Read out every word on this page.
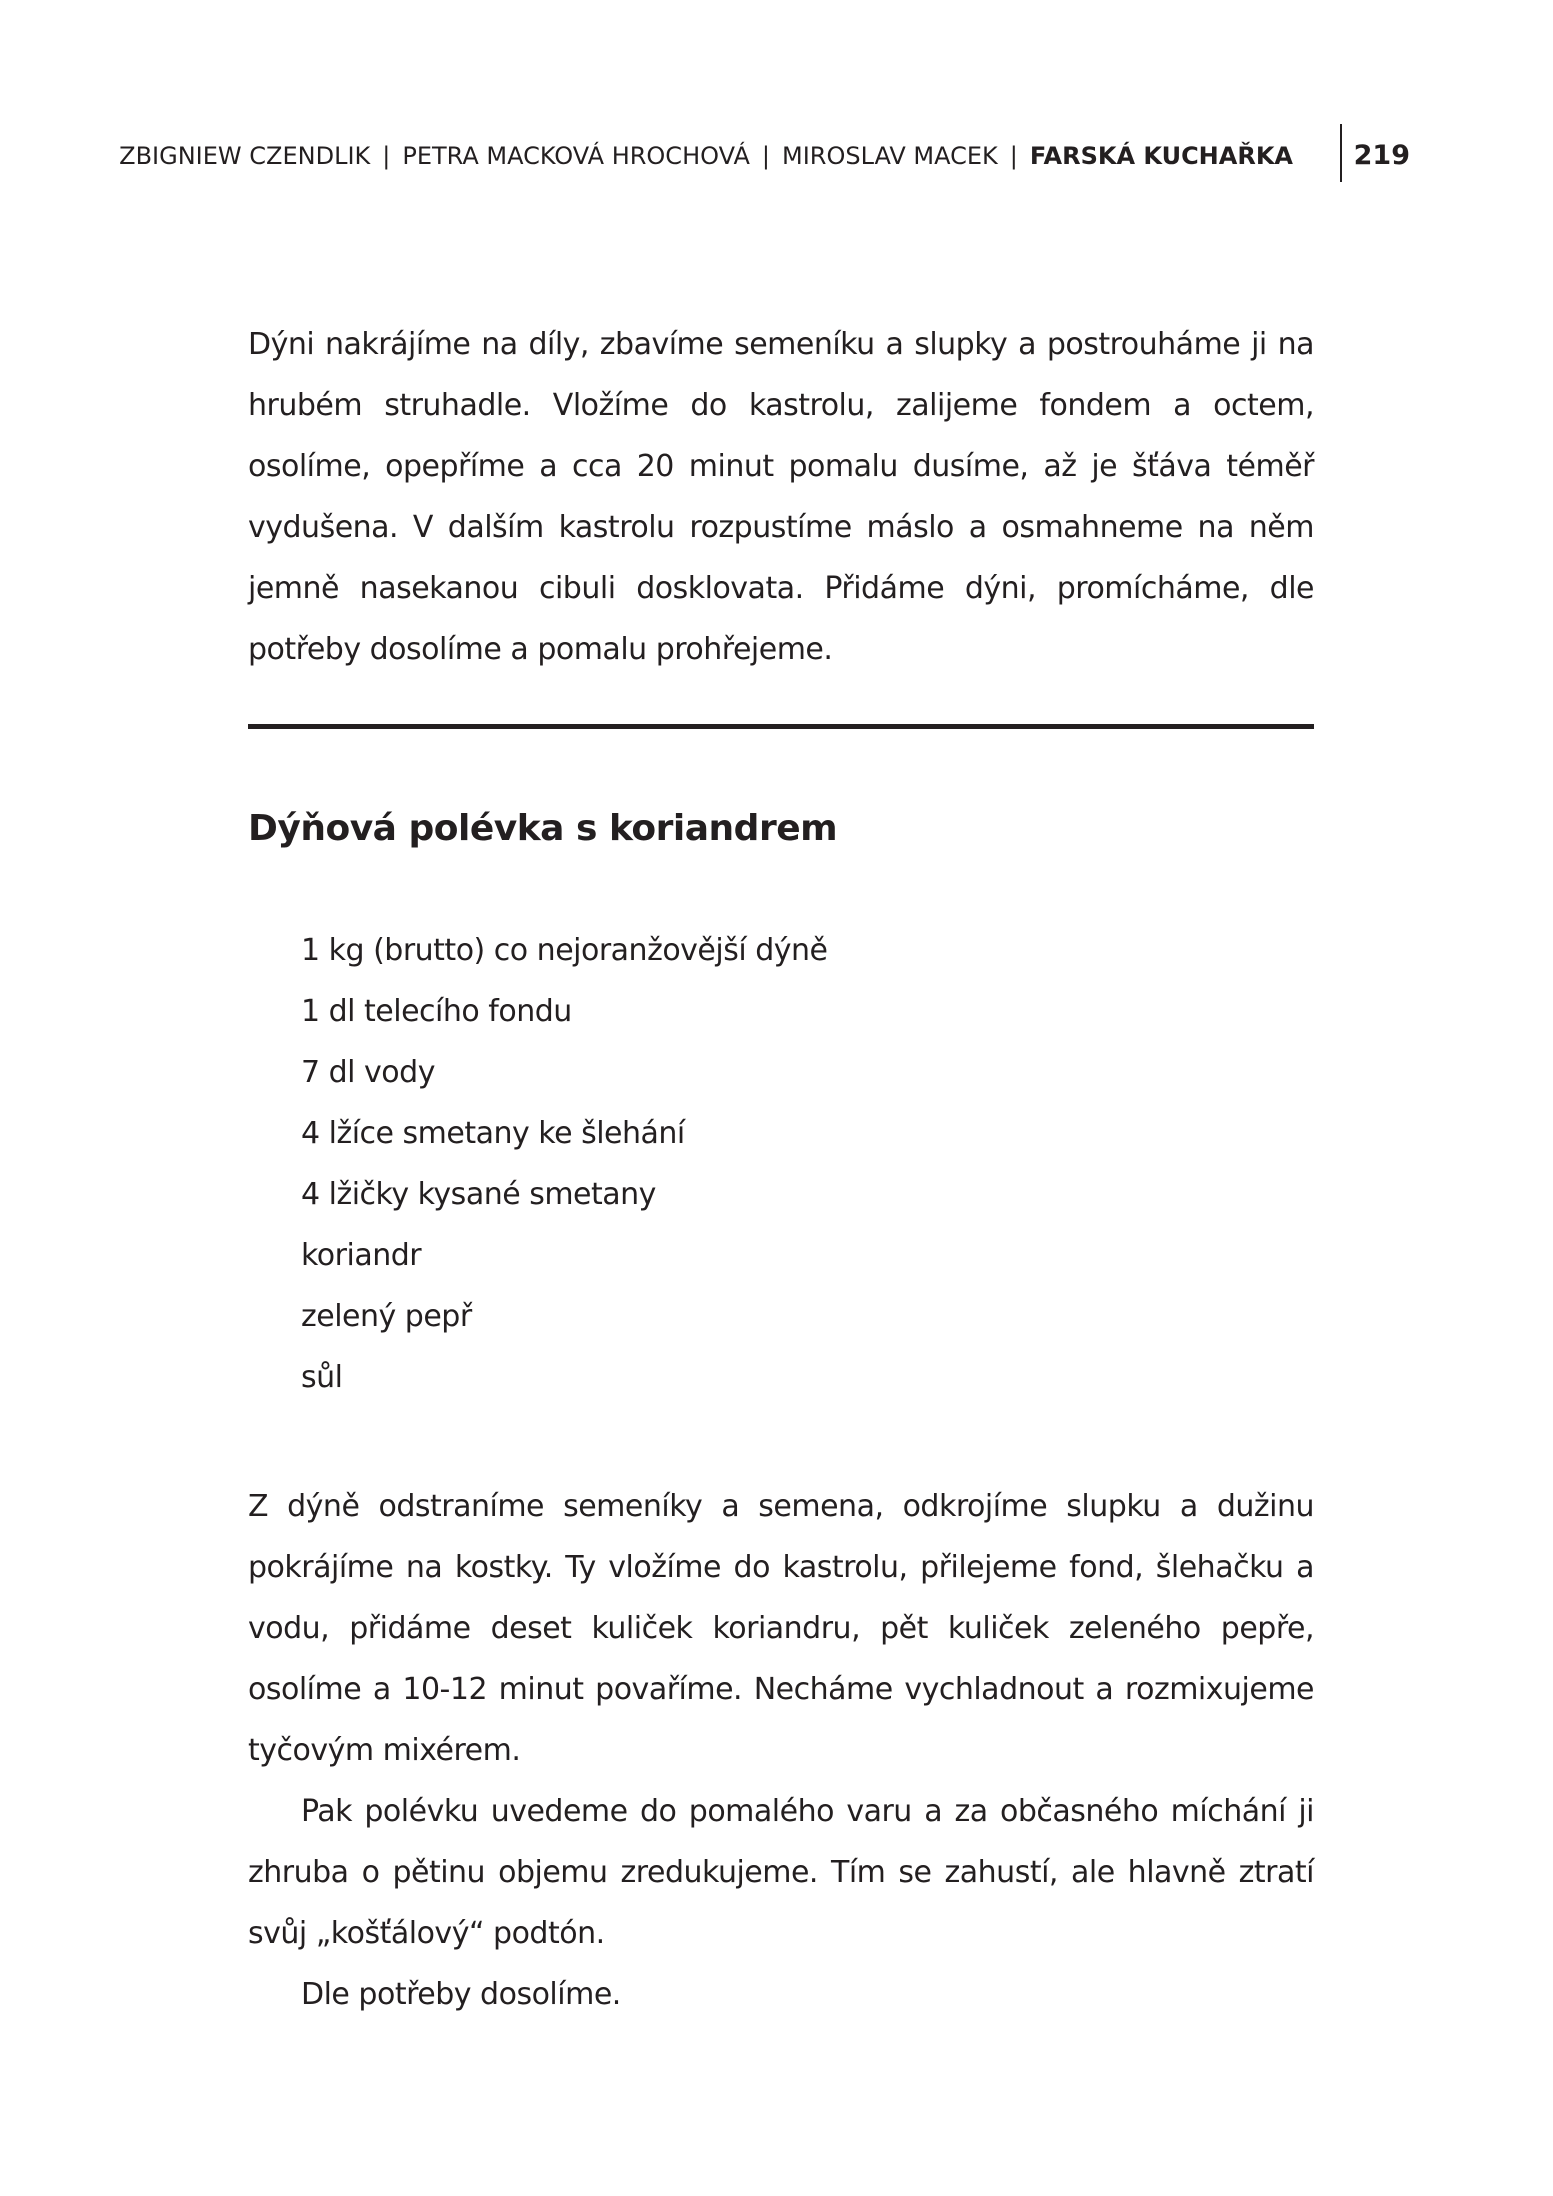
ZBIGNIEW CZENDLIK | PETRA MACKOVÁ HROCHOVÁ | MIROSLAV MACEK | FARSKÁ KUCHAŘKA 219

Dýni nakrájíme na díly, zbavíme semeníku a slupky a postrouháme ji na hrubém struhadle. Vložíme do kastrolu, zalijeme fondem a octem, osolíme, opepříme a cca 20 minut pomalu dusíme, až je šťáva téměř vydušena. V dalším kastrolu rozpustíme máslo a osmahneme na něm jemně nasekanou cibuli dosklovata. Přidáme dýni, promícháme, dle potřeby dosolíme a pomalu prohřejeme.

Dýňová polévka s koriandrem
1 kg (brutto) co nejoranžovější dýně
1 dl telecího fondu
7 dl vody
4 lžíce smetany ke šlehání
4 lžičky kysané smetany
koriandr
zelený pepř
sůl

Z dýně odstraníme semeníky a semena, odkrojíme slupku a dužinu pokrájíme na kostky. Ty vložíme do kastrolu, přilejeme fond, šlehačku a vodu, přidáme deset kuliček koriandru, pět kuliček zeleného pepře, osolíme a 10-12 minut povaříme. Necháme vychladnout a rozmixujeme tyčovým mixérem.

Pak polévku uvedeme do pomalého varu a za občasného míchání ji zhruba o pětinu objemu zredukujeme. Tím se zahustí, ale hlavně ztratí svůj „košťálový“ podtón.

Dle potřeby dosolíme.
